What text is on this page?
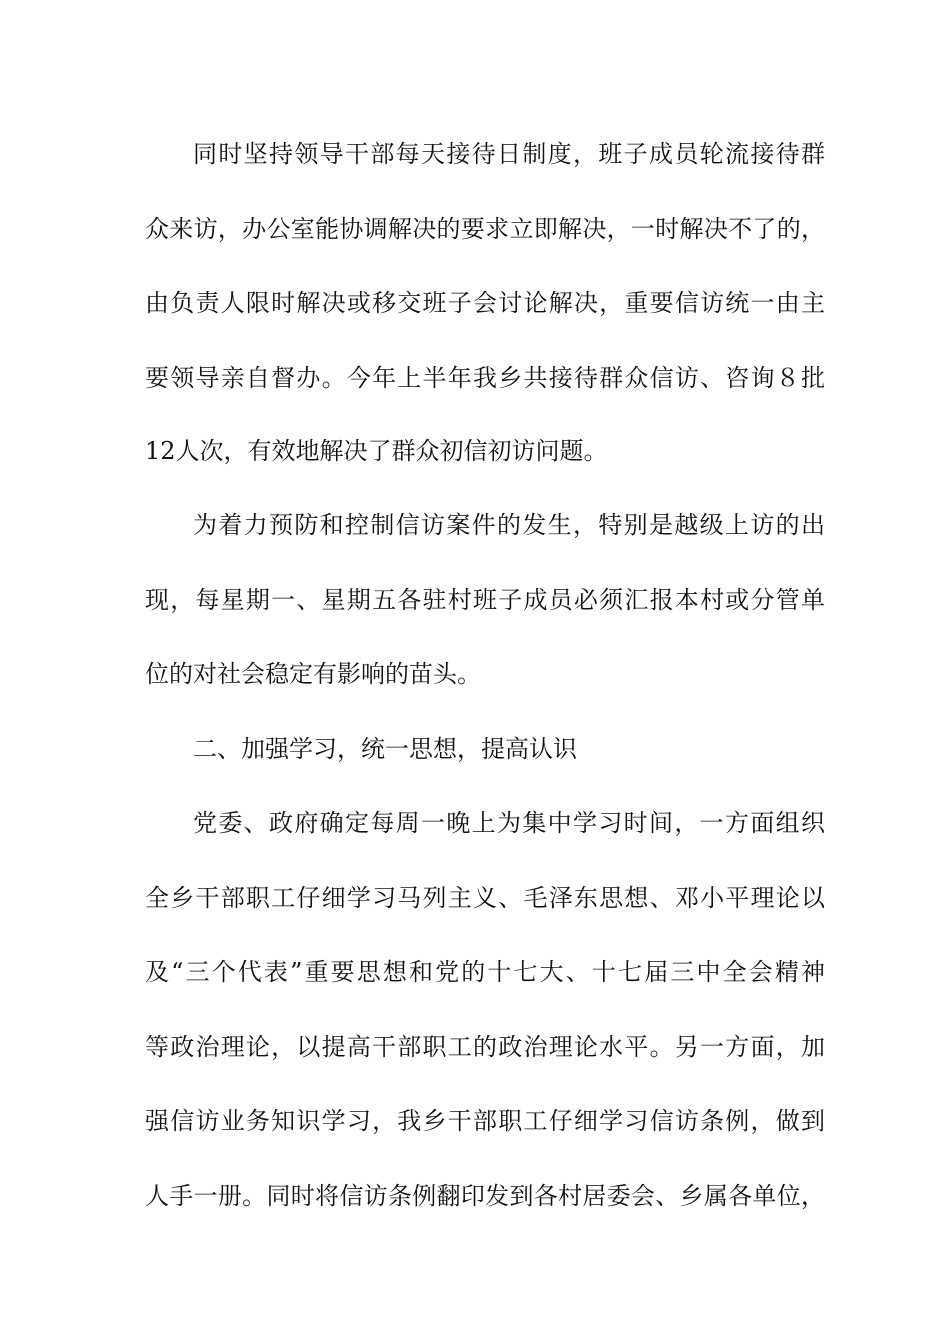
同时坚持领导干部每天接待日制度，班子成员轮流接待群
众来访，办公室能协调解决的要求立即解决，一时解决不了的，
由负责人限时解决或移交班子会讨论解决，重要信访统一由主
要领导亲自督办。今年上半年我乡共接待群众信访、咨询８批
12人次，有效地解决了群众初信初访问题。
为着力预防和控制信访案件的发生，特别是越级上访的出
现，每星期一、星期五各驻村班子成员必须汇报本村或分管单
位的对社会稳定有影响的苗头。
二、加强学习，统一思想，提高认识
党委、政府确定每周一晚上为集中学习时间，一方面组织
全乡干部职工仔细学习马列主义、毛泽东思想、邓小平理论以
及“三个代表”重要思想和党的十七大、十七届三中全会精神
等政治理论，以提高干部职工的政治理论水平。另一方面，加
强信访业务知识学习，我乡干部职工仔细学习信访条例，做到
人手一册。同时将信访条例翻印发到各村居委会、乡属各单位，
